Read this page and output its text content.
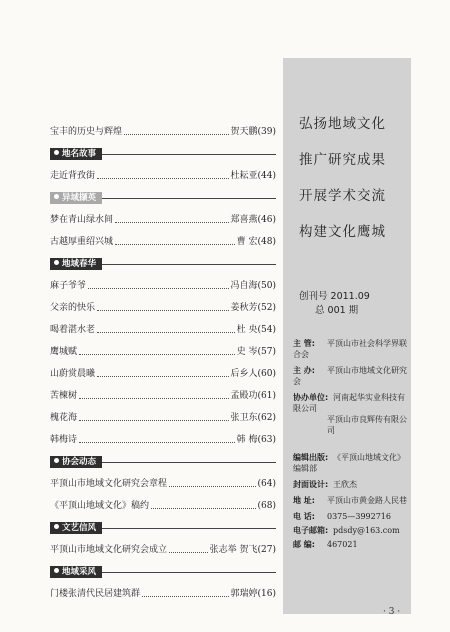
宝丰的历史与辉煌	贺天鹏 (39)
地名故事
走近背孜街	杜耘亚 (44)
异域撷英
梦在青山绿水间	郑喜燕 (46)
古越厚重绍兴城	曹 宏 (48)
地域春华
麻子爷爷	冯自海 (50)
父亲的快乐	姜秋芳 (52)
喝着湛水老	杜 央 (54)
鹰城赋	史 岑 (57)
山蔚赏晨曦	后乡人 (60)
苦楝树	孟殿功 (61)
槐花海	张卫东 (62)
韩梅诗	韩 梅 (63)
协会动态
平顶山市地域文化研究会章程	(64)
《平顶山地域文化》稿约	(68)
文艺信风
平顶山市地域文化研究会成立	张志举 贺飞 (27)
地域采风
门楼张清代民居建筑群	郭瑞婷 (16)
弘扬地域文化
推广研究成果
开展学术交流
构建文化鹰城
创刊号 2011.09
总 001 期
主 管: 平顶山市社会科学界联合会
主 办: 平顶山市地域文化研究会
协办单位: 河南起华实业科技有限公司
平顶山市良辉传有限公司
编辑出版: 《平顶山地域文化》编辑部
封面设计: 王欣杰
地 址: 平顶山市黄金路人民巷
电 话: 0375—3992716
电子邮箱: pdsdy@163.com
邮 编: 467021
· 3 ·
